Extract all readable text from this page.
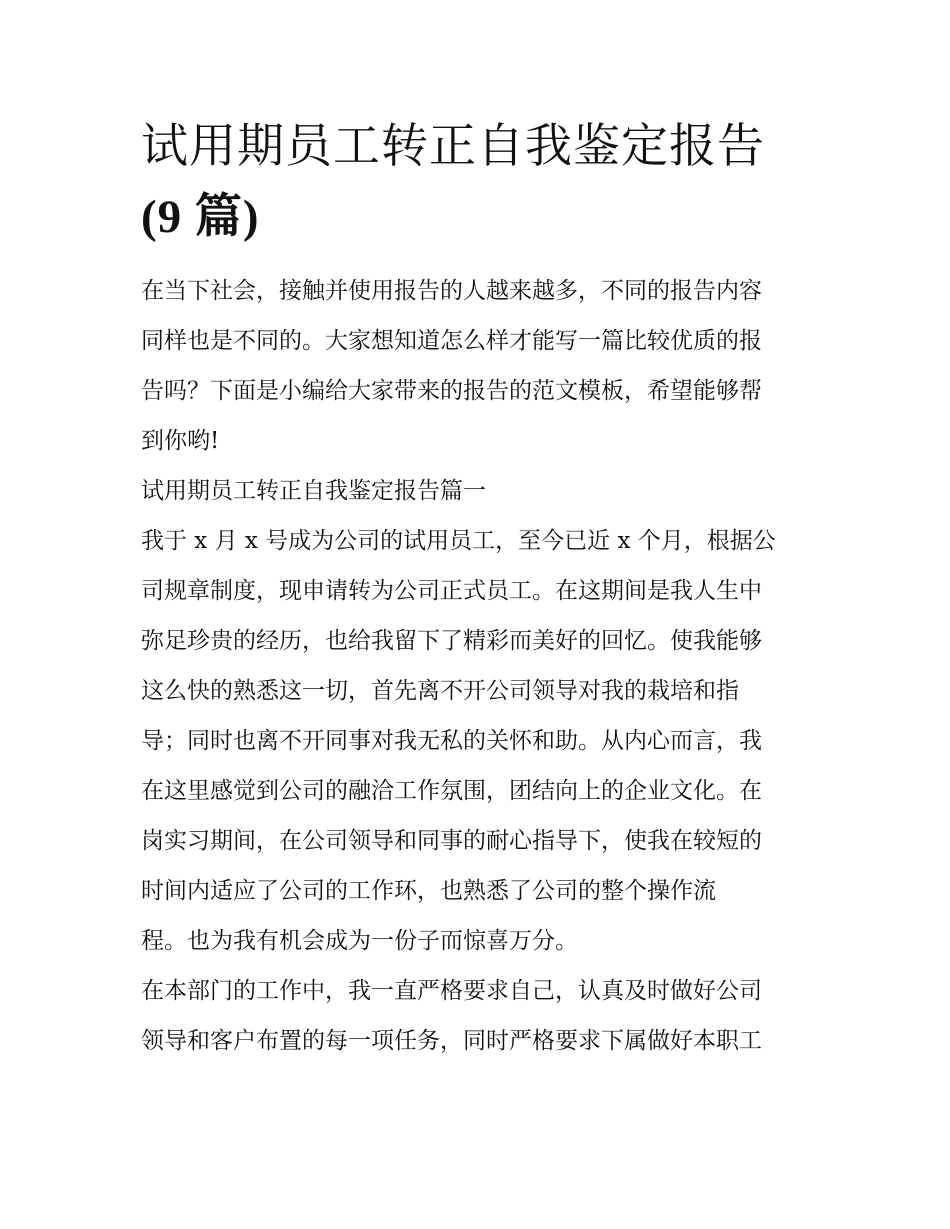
试用期员工转正自我鉴定报告
(9 篇)

在当下社会，接触并使用报告的人越来越多，不同的报告内容
同样也是不同的。大家想知道怎么样才能写一篇比较优质的报
告吗？下面是小编给大家带来的报告的范文模板，希望能够帮
到你哟!

试用期员工转正自我鉴定报告篇一

我于 x 月 x 号成为公司的试用员工，至今已近 x 个月，根据公
司规章制度，现申请转为公司正式员工。在这期间是我人生中
弥足珍贵的经历，也给我留下了精彩而美好的回忆。使我能够
这么快的熟悉这一切，首先离不开公司领导对我的栽培和指
导；同时也离不开同事对我无私的关怀和助。从内心而言，我
在这里感觉到公司的融洽工作氛围，团结向上的企业文化。在
岗实习期间，在公司领导和同事的耐心指导下，使我在较短的
时间内适应了公司的工作环，也熟悉了公司的整个操作流
程。也为我有机会成为一份子而惊喜万分。

在本部门的工作中，我一直严格要求自己，认真及时做好公司
领导和客户布置的每一项任务，同时严格要求下属做好本职工
